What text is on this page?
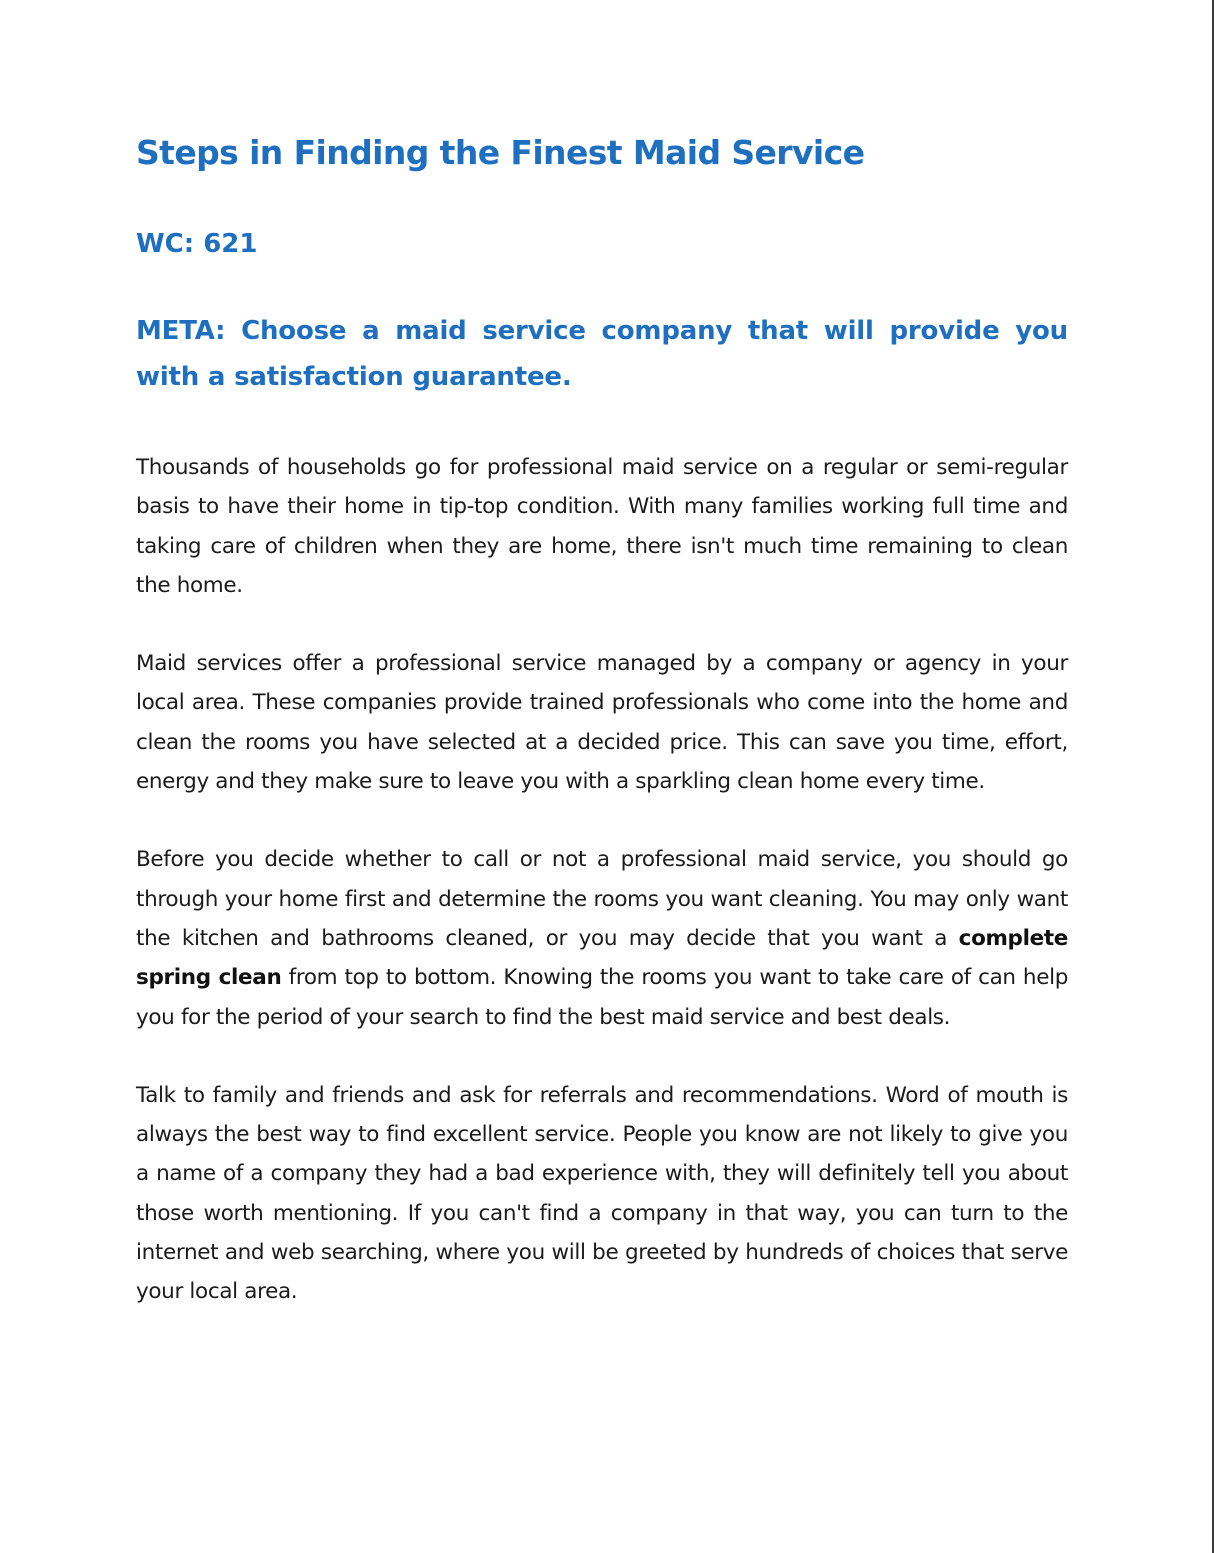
Steps in Finding the Finest Maid Service
WC: 621
META: Choose a maid service company that will provide you with a satisfaction guarantee.

Thousands of households go for professional maid service on a regular or semi-regular basis to have their home in tip-top condition. With many families working full time and taking care of children when they are home, there isn't much time remaining to clean the home.

Maid services offer a professional service managed by a company or agency in your local area. These companies provide trained professionals who come into the home and clean the rooms you have selected at a decided price. This can save you time, effort, energy and they make sure to leave you with a sparkling clean home every time.

Before you decide whether to call or not a professional maid service, you should go through your home first and determine the rooms you want cleaning. You may only want the kitchen and bathrooms cleaned, or you may decide that you want a complete spring clean from top to bottom. Knowing the rooms you want to take care of can help you for the period of your search to find the best maid service and best deals.

Talk to family and friends and ask for referrals and recommendations. Word of mouth is always the best way to find excellent service. People you know are not likely to give you a name of a company they had a bad experience with, they will definitely tell you about those worth mentioning. If you can't find a company in that way, you can turn to the internet and web searching, where you will be greeted by hundreds of choices that serve your local area.
